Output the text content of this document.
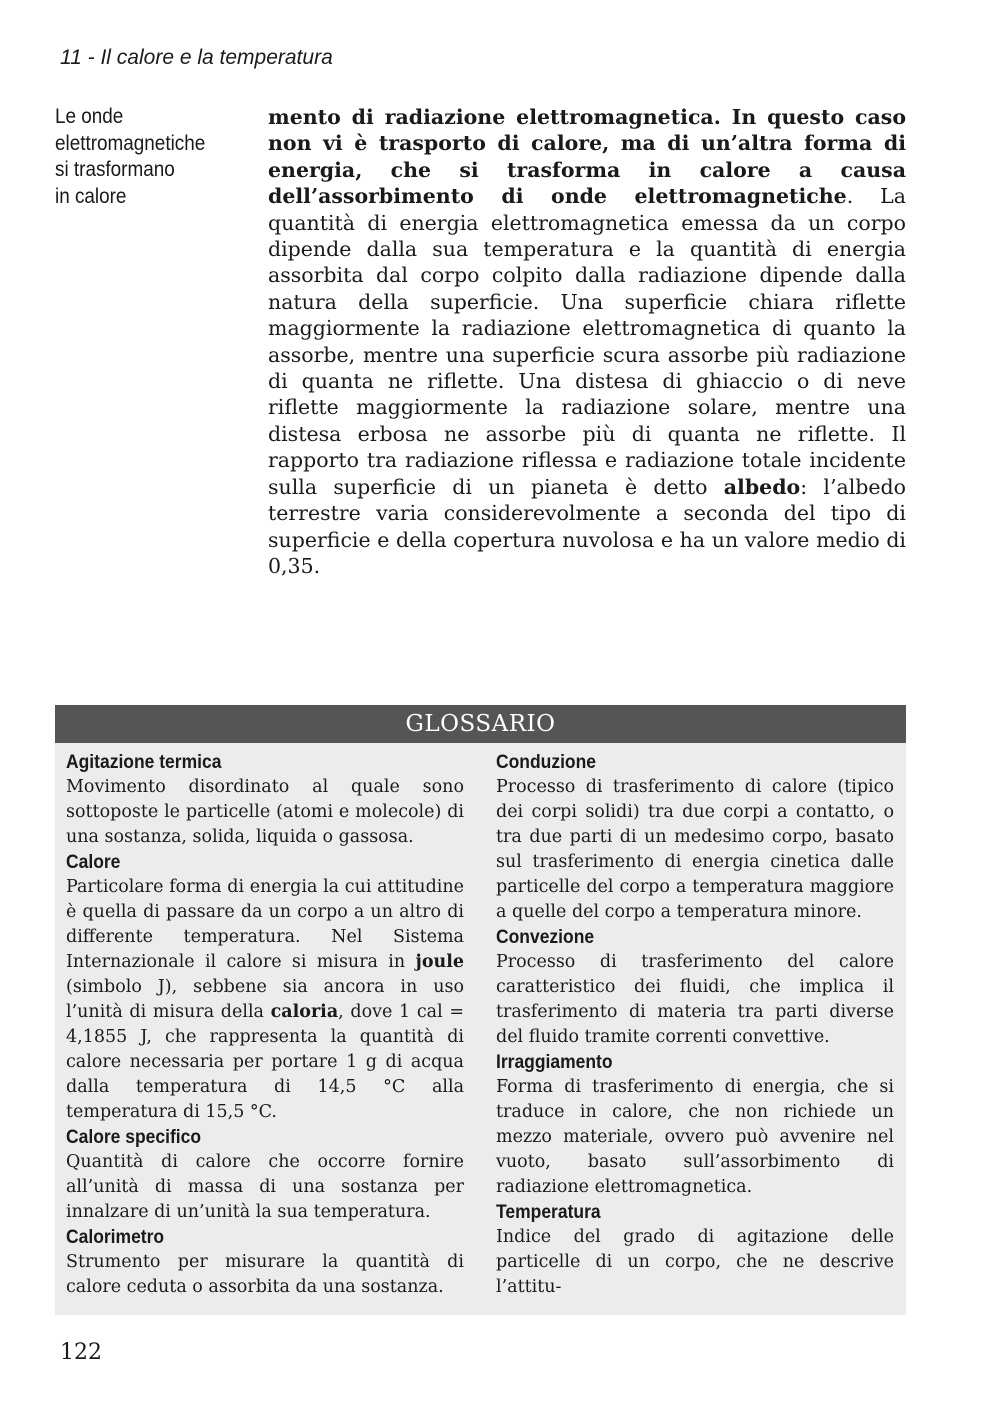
11 - Il calore e la temperatura
Le onde
elettromagnetiche
si trasformano
in calore

mento di radiazione elettromagnetica. In questo caso non vi è trasporto di calore, ma di un’altra forma di energia, che si trasforma in calore a causa dell’assorbimento di onde elettromagnetiche. La quantità di energia elettromagnetica emessa da un corpo dipende dalla sua temperatura e la quantità di energia assorbita dal corpo colpito dalla radiazione dipende dalla natura della superficie. Una superficie chiara riflette maggiormente la radiazione elettromagnetica di quanto la assorbe, mentre una superficie scura assorbe più radiazione di quanta ne riflette. Una distesa di ghiaccio o di neve riflette maggiormente la radiazione solare, mentre una distesa erbosa ne assorbe più di quanta ne riflette. Il rapporto tra radiazione riflessa e radiazione totale incidente sulla superficie di un pianeta è detto albedo: l’albedo terrestre varia considerevolmente a seconda del tipo di superficie e della copertura nuvolosa e ha un valore medio di 0,35.

GLOSSARIO
Agitazione termica

Movimento disordinato al quale sono sottoposte le particelle (atomi e molecole) di una sostanza, solida, liquida o gassosa.

Calore

Particolare forma di energia la cui attitudine è quella di passare da un corpo a un altro di differente temperatura. Nel Sistema Internazionale il calore si misura in joule (simbolo J), sebbene sia ancora in uso l’unità di misura della caloria, dove 1 cal = 4,1855 J, che rappresenta la quantità di calore necessaria per portare 1 g di acqua dalla temperatura di 14,5 °C alla temperatura di 15,5 °C.

Calore specifico

Quantità di calore che occorre fornire all’unità di massa di una sostanza per innalzare di un’unità la sua temperatura.

Calorimetro

Strumento per misurare la quantità di calore ceduta o assorbita da una sostanza.

Conduzione

Processo di trasferimento di calore (tipico dei corpi solidi) tra due corpi a contatto, o tra due parti di un medesimo corpo, basato sul trasferimento di energia cinetica dalle particelle del corpo a temperatura maggiore a quelle del corpo a temperatura minore.

Convezione

Processo di trasferimento del calore caratteristico dei fluidi, che implica il trasferimento di materia tra parti diverse del fluido tramite correnti convettive.

Irraggiamento

Forma di trasferimento di energia, che si traduce in calore, che non richiede un mezzo materiale, ovvero può avvenire nel vuoto, basato sull’assorbimento di radiazione elettromagnetica.

Temperatura

Indice del grado di agitazione delle particelle di un corpo, che ne descrive l’attitu-

122
